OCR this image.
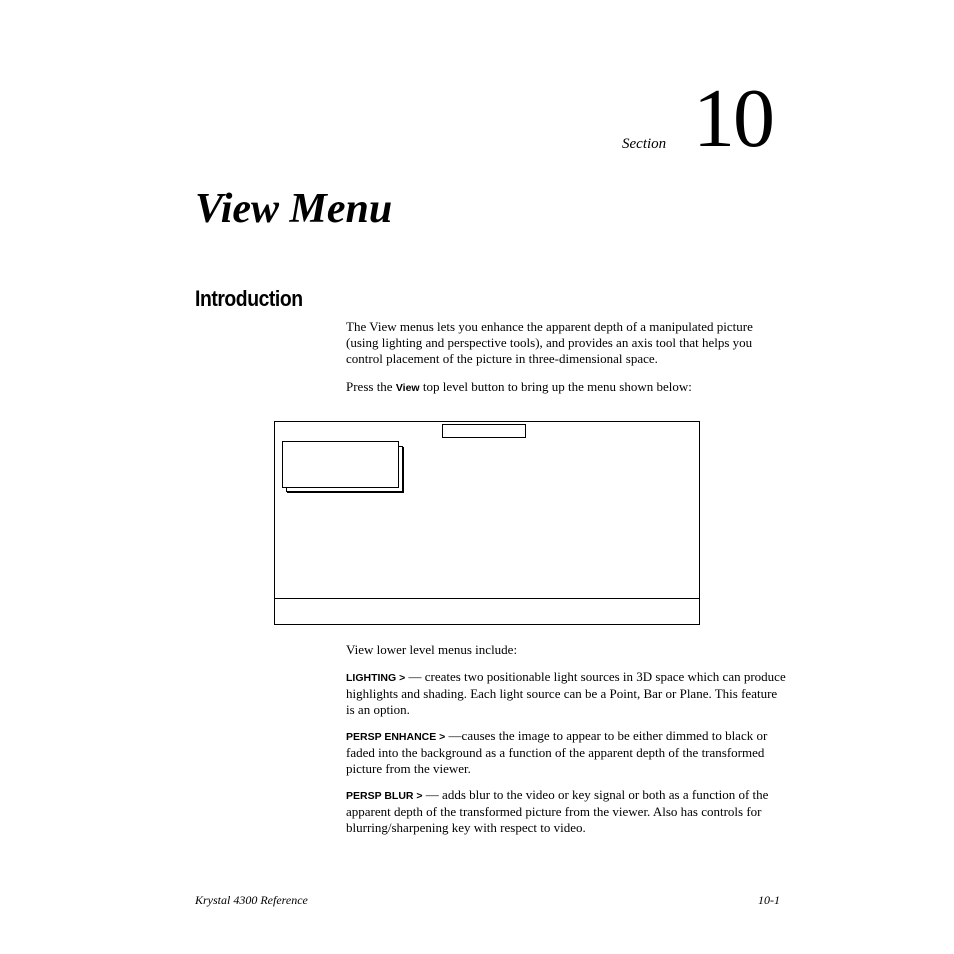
Section 10
View Menu
Introduction

The View menus lets you enhance the apparent depth of a manipulated picture (using lighting and perspective tools), and provides an axis tool that helps you control placement of the picture in three-dimensional space.

Press the View top level button to bring up the menu shown below:

View lower level menus include:

LIGHTING > — creates two positionable light sources in 3D space which can produce highlights and shading. Each light source can be a Point, Bar or Plane. This feature is an option.

PERSP ENHANCE > —causes the image to appear to be either dimmed to black or faded into the background as a function of the apparent depth of the transformed picture from the viewer.

PERSP BLUR > — adds blur to the video or key signal or both as a function of the apparent depth of the transformed picture from the viewer. Also has controls for blurring/sharpening key with respect to video.

Krystal 4300 Reference	10-1
